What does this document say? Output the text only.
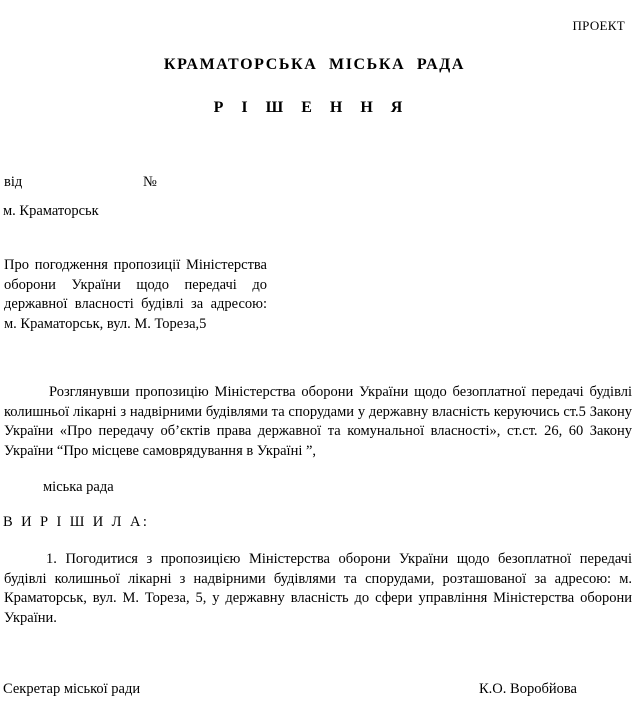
ПРОЕКТ
КРАМАТОРСЬКА МІСЬКА РАДА
Р І Ш Е Н Н Я
від	№
м. Краматорськ
Про погодження пропозиції Міністерства оборони України щодо передачі до державної власності будівлі за адресою: м. Краматорськ, вул. М. Тореза,5
Розглянувши пропозицію Міністерства оборони України щодо безоплатної передачі будівлі колишньої лікарні з надвірними будівлями та спорудами у державну власність керуючись ст.5 Закону України «Про передачу об’єктів права державної та комунальної власності», ст.ст. 26, 60 Закону України “Про місцеве самоврядування в Україні ”,
міська рада
В И Р І Ш И Л А:
1. Погодитися з пропозицією Міністерства оборони України щодо безоплатної передачі будівлі колишньої лікарні з надвірними будівлями та спорудами, розташованої за адресою: м. Краматорськ, вул. М. Тореза, 5, у державну власність до сфери управління Міністерства оборони України.
Секретар міської ради	К.О. Воробйова
